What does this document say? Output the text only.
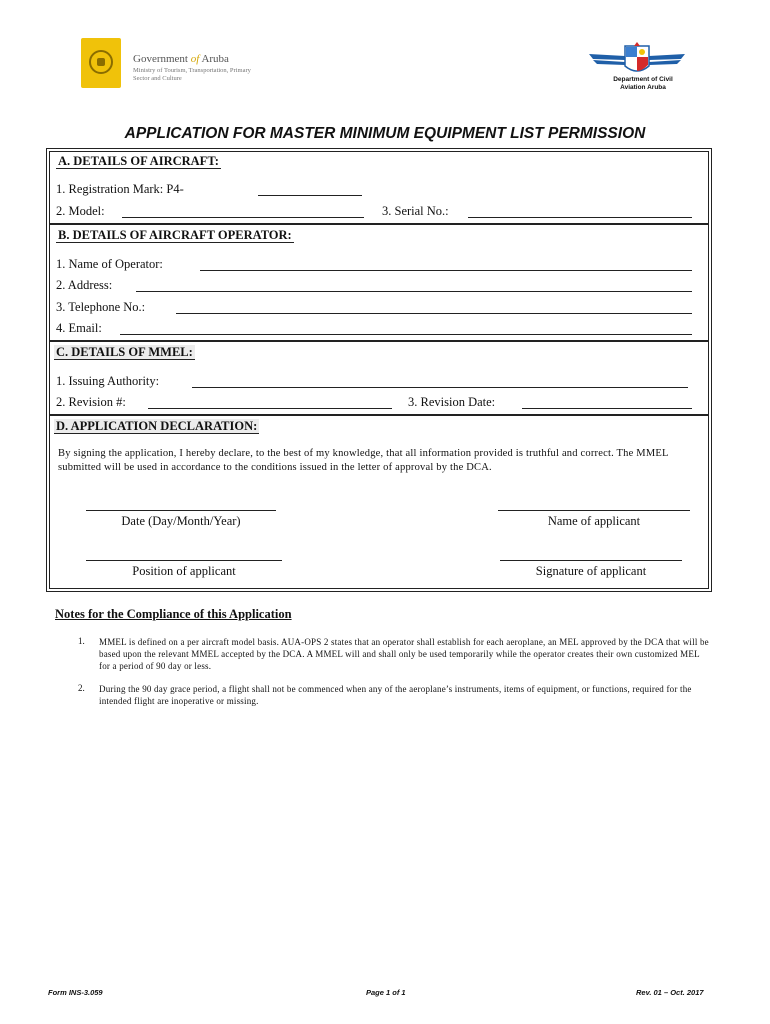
Government of Aruba
Ministry of Tourism, Transportation, Primary Sector and Culture	Department of Civil
Aviation Aruba
APPLICATION FOR MASTER MINIMUM EQUIPMENT LIST PERMISSION
A. DETAILS OF AIRCRAFT:
1. Registration Mark: P4-
2. Model:	3. Serial No.:
B. DETAILS OF AIRCRAFT OPERATOR:
1. Name of Operator:
2. Address:
3. Telephone No.:
4. Email:
C. DETAILS OF MMEL:
1. Issuing Authority:
2. Revision #:	3. Revision Date:
D. APPLICATION DECLARATION:
By signing the application, I hereby declare, to the best of my knowledge, that all information provided is truthful and correct. The MMEL submitted will be used in accordance to the conditions issued in the letter of approval by the DCA.
Date (Day/Month/Year)	Name of applicant
Position of applicant	Signature of applicant
Notes for the Compliance of this Application
1. MMEL is defined on a per aircraft model basis. AUA-OPS 2 states that an operator shall establish for each aeroplane, an MEL approved by the DCA that will be based upon the relevant MMEL accepted by the DCA. A MMEL will and shall only be used temporarily while the operator creates their own customized MEL for a period of 90 day or less.
2. During the 90 day grace period, a flight shall not be commenced when any of the aeroplane’s instruments, items of equipment, or functions, required for the intended flight are inoperative or missing.
Form INS-3.059	Page 1 of 1	Rev. 01 – Oct. 2017
